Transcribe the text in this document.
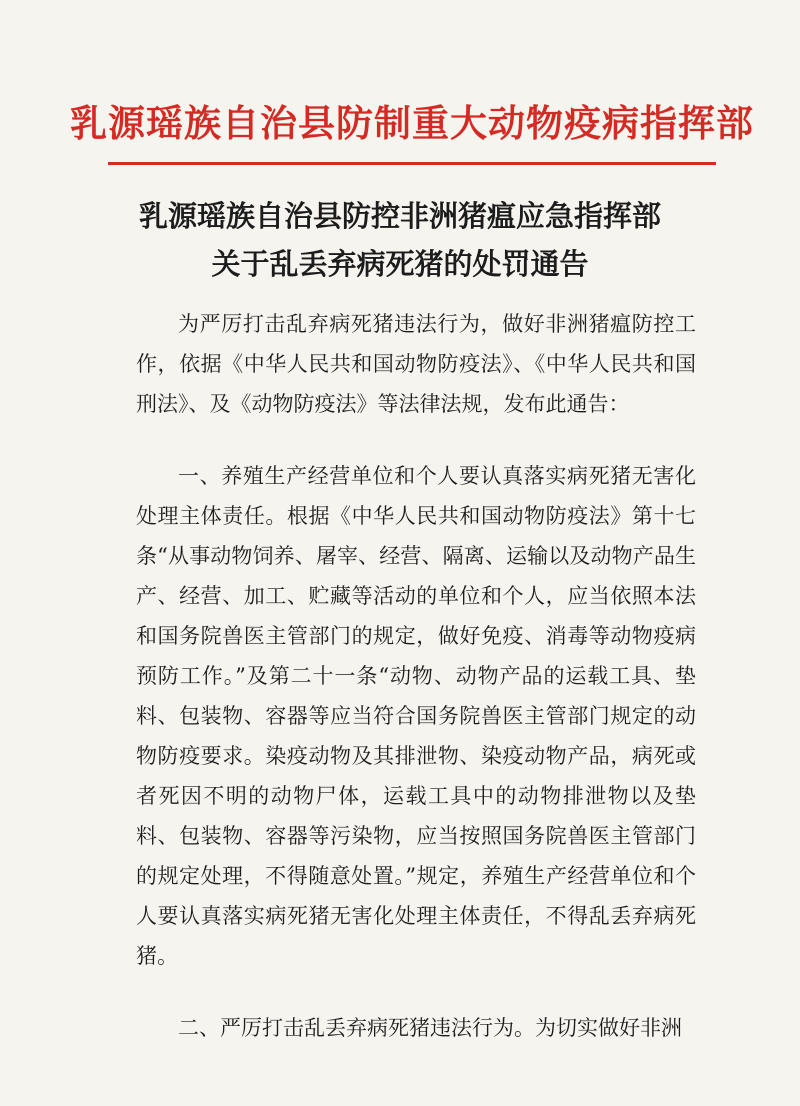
乳源瑶族自治县防制重大动物疫病指挥部
乳源瑶族自治县防控非洲猪瘟应急指挥部
关于乱丢弃病死猪的处罚通告

为严厉打击乱弃病死猪违法行为，做好非洲猪瘟防控工作，依据《中华人民共和国动物防疫法》、《中华人民共和国刑法》、及《动物防疫法》等法律法规，发布此通告：

一、养殖生产经营单位和个人要认真落实病死猪无害化处理主体责任。根据《中华人民共和国动物防疫法》第十七条“从事动物饲养、屠宰、经营、隔离、运输以及动物产品生产、经营、加工、贮藏等活动的单位和个人，应当依照本法和国务院兽医主管部门的规定，做好免疫、消毒等动物疫病预防工作。”及第二十一条“动物、动物产品的运载工具、垫料、包装物、容器等应当符合国务院兽医主管部门规定的动物防疫要求。染疫动物及其排泄物、染疫动物产品，病死或者死因不明的动物尸体，运载工具中的动物排泄物以及垫料、包装物、容器等污染物，应当按照国务院兽医主管部门的规定处理，不得随意处置。”规定，养殖生产经营单位和个人要认真落实病死猪无害化处理主体责任，不得乱丢弃病死猪。

二、严厉打击乱丢弃病死猪违法行为。为切实做好非洲
